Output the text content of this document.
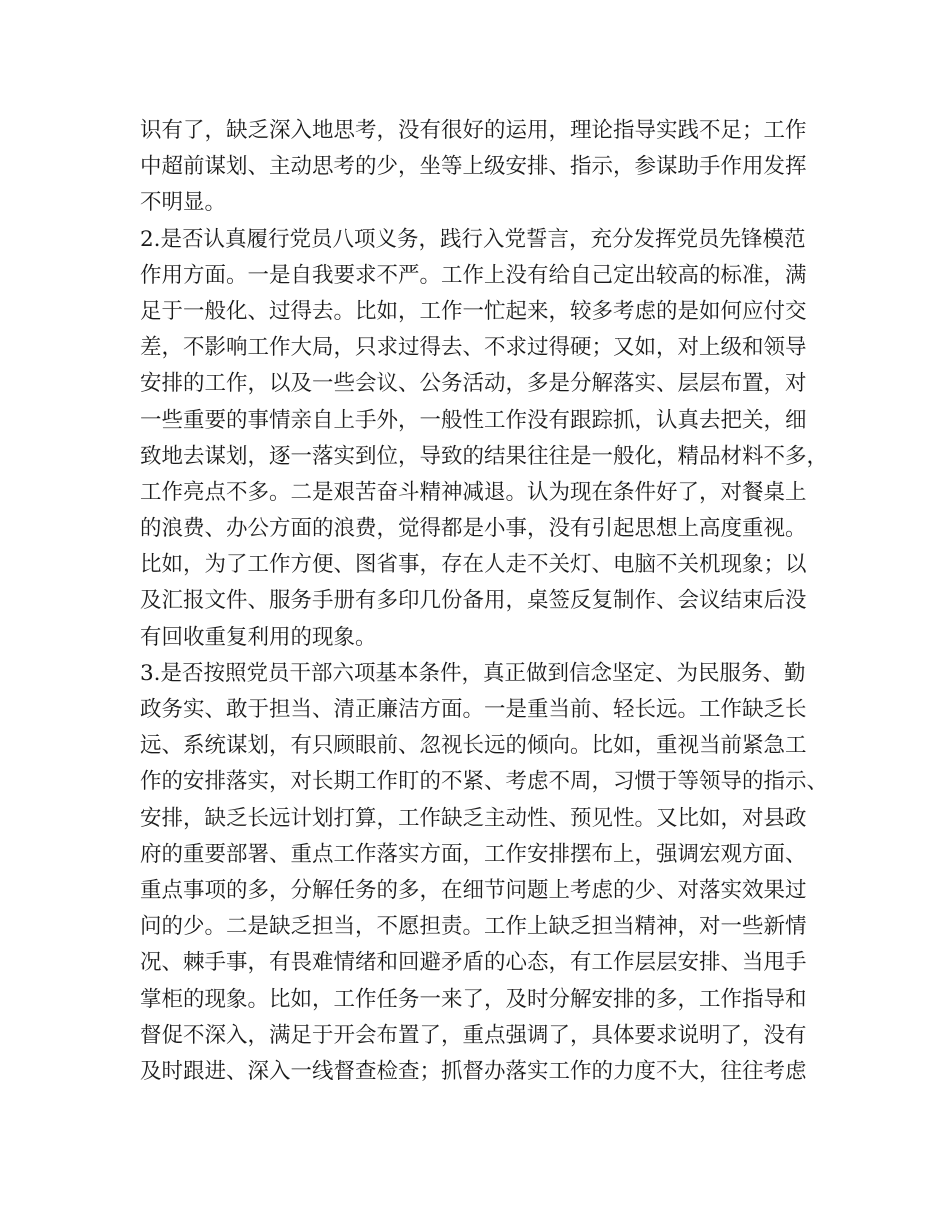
识有了，缺乏深入地思考，没有很好的运用，理论指导实践不足；工作
中超前谋划、主动思考的少，坐等上级安排、指示，参谋助手作用发挥
不明显。
2.是否认真履行党员八项义务，践行入党誓言，充分发挥党员先锋模范
作用方面。一是自我要求不严。工作上没有给自己定出较高的标准，满
足于一般化、过得去。比如，工作一忙起来，较多考虑的是如何应付交
差，不影响工作大局，只求过得去、不求过得硬；又如，对上级和领导
安排的工作，以及一些会议、公务活动，多是分解落实、层层布置，对
一些重要的事情亲自上手外，一般性工作没有跟踪抓，认真去把关，细
致地去谋划，逐一落实到位，导致的结果往往是一般化，精品材料不多，
工作亮点不多。二是艰苦奋斗精神减退。认为现在条件好了，对餐桌上
的浪费、办公方面的浪费，觉得都是小事，没有引起思想上高度重视。
比如，为了工作方便、图省事，存在人走不关灯、电脑不关机现象；以
及汇报文件、服务手册有多印几份备用，桌签反复制作、会议结束后没
有回收重复利用的现象。
3.是否按照党员干部六项基本条件，真正做到信念坚定、为民服务、勤
政务实、敢于担当、清正廉洁方面。一是重当前、轻长远。工作缺乏长
远、系统谋划，有只顾眼前、忽视长远的倾向。比如，重视当前紧急工
作的安排落实，对长期工作盯的不紧、考虑不周，习惯于等领导的指示、
安排，缺乏长远计划打算，工作缺乏主动性、预见性。又比如，对县政
府的重要部署、重点工作落实方面，工作安排摆布上，强调宏观方面、
重点事项的多，分解任务的多，在细节问题上考虑的少、对落实效果过
问的少。二是缺乏担当，不愿担责。工作上缺乏担当精神，对一些新情
况、棘手事，有畏难情绪和回避矛盾的心态，有工作层层安排、当甩手
掌柜的现象。比如，工作任务一来了，及时分解安排的多，工作指导和
督促不深入，满足于开会布置了，重点强调了，具体要求说明了，没有
及时跟进、深入一线督查检查；抓督办落实工作的力度不大，往往考虑
